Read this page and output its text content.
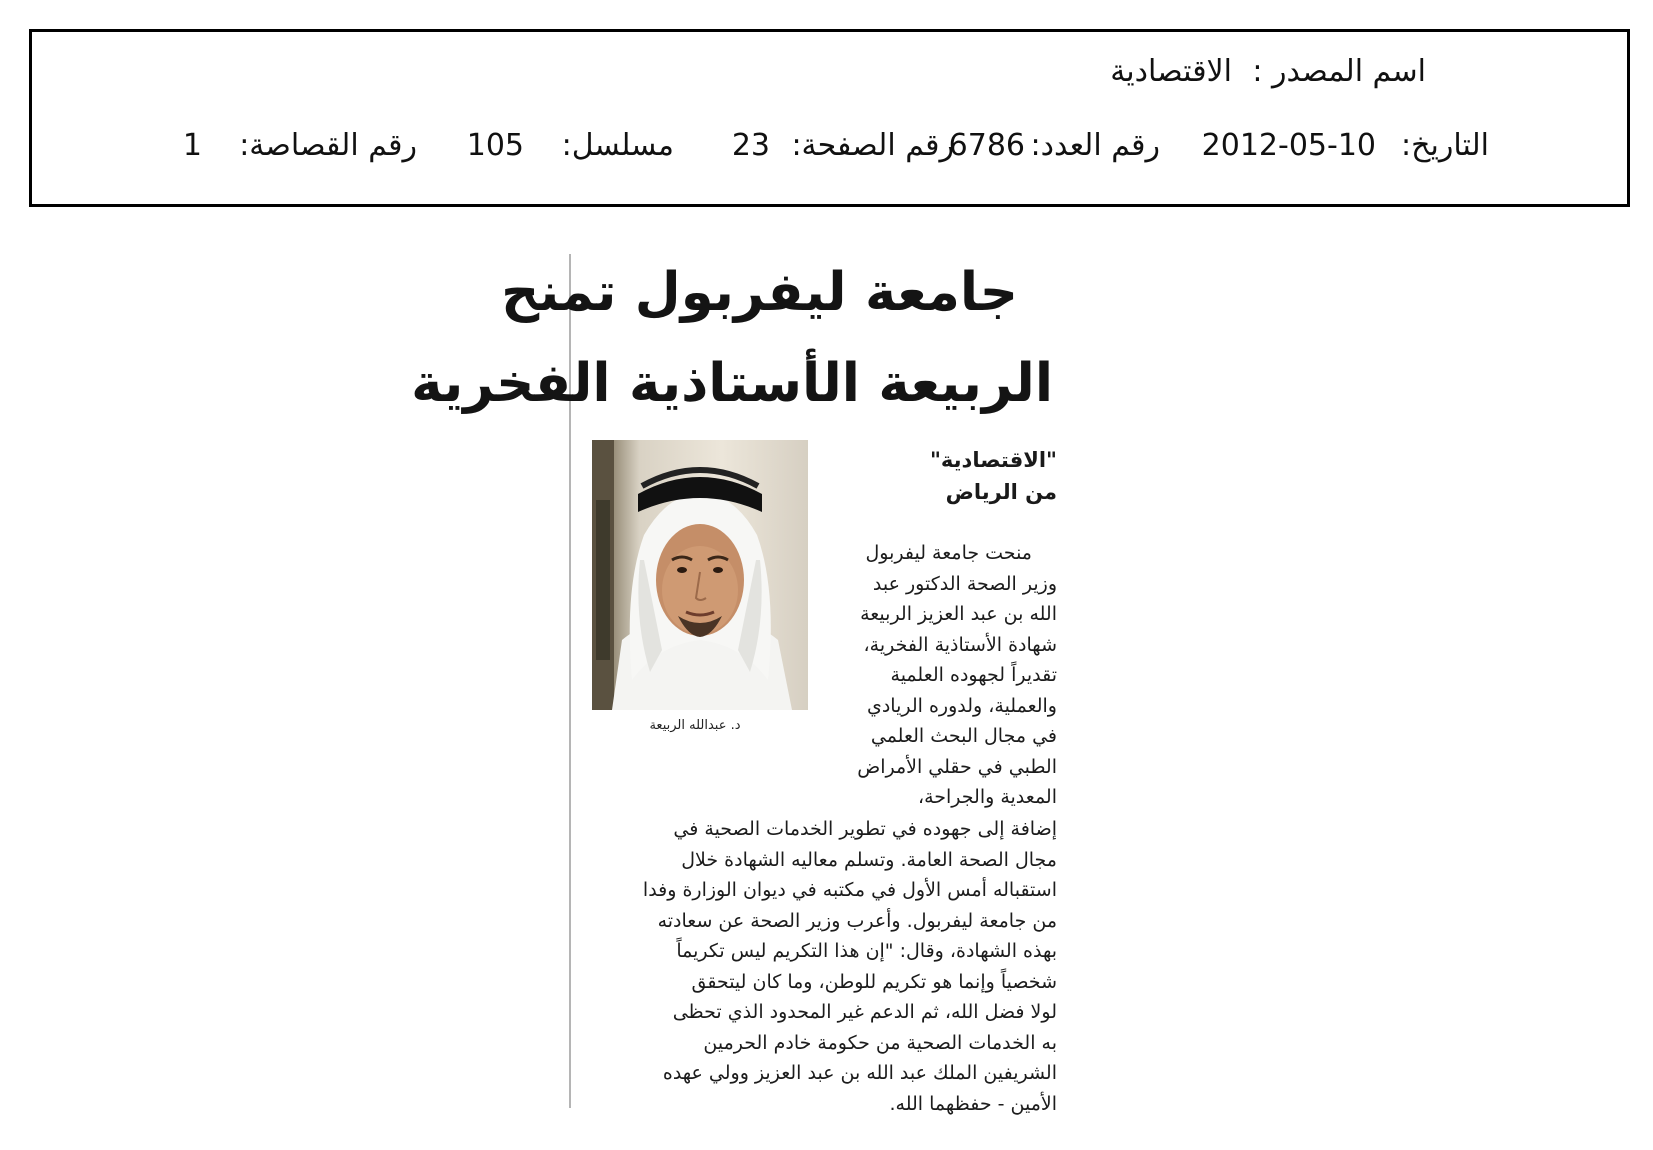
اسم المصدر :
الاقتصادية
التاريخ:
2012-05-10
رقم العدد:
6786
رقم الصفحة:
23
مسلسل:
105
رقم القصاصة:
1
جامعة ليفربول تمنح
الربيعة الأستاذية الفخرية
"الاقتصادية"
من الرياض
د. عبدالله الربيعة
منحت جامعة ليفربول
وزير الصحة الدكتور عبد
الله بن عبد العزيز الربيعة
شهادة الأستاذية الفخرية،
تقديراً لجهوده العلمية
والعملية، ولدوره الريادي
في مجال البحث العلمي
الطبي في حقلي الأمراض
المعدية والجراحة،
إضافة إلى جهوده في تطوير الخدمات الصحية في
مجال الصحة العامة. وتسلم معاليه الشهادة خلال
استقباله أمس الأول في مكتبه في ديوان الوزارة وفدا
من جامعة ليفربول. وأعرب وزير الصحة عن سعادته
بهذه الشهادة، وقال: "إن هذا التكريم ليس تكريماً
شخصياً وإنما هو تكريم للوطن، وما كان ليتحقق
لولا فضل الله، ثم الدعم غير المحدود الذي تحظى
به الخدمات الصحية من حكومة خادم الحرمين
الشريفين الملك عبد الله بن عبد العزيز وولي عهده
الأمين - حفظهما الله.
